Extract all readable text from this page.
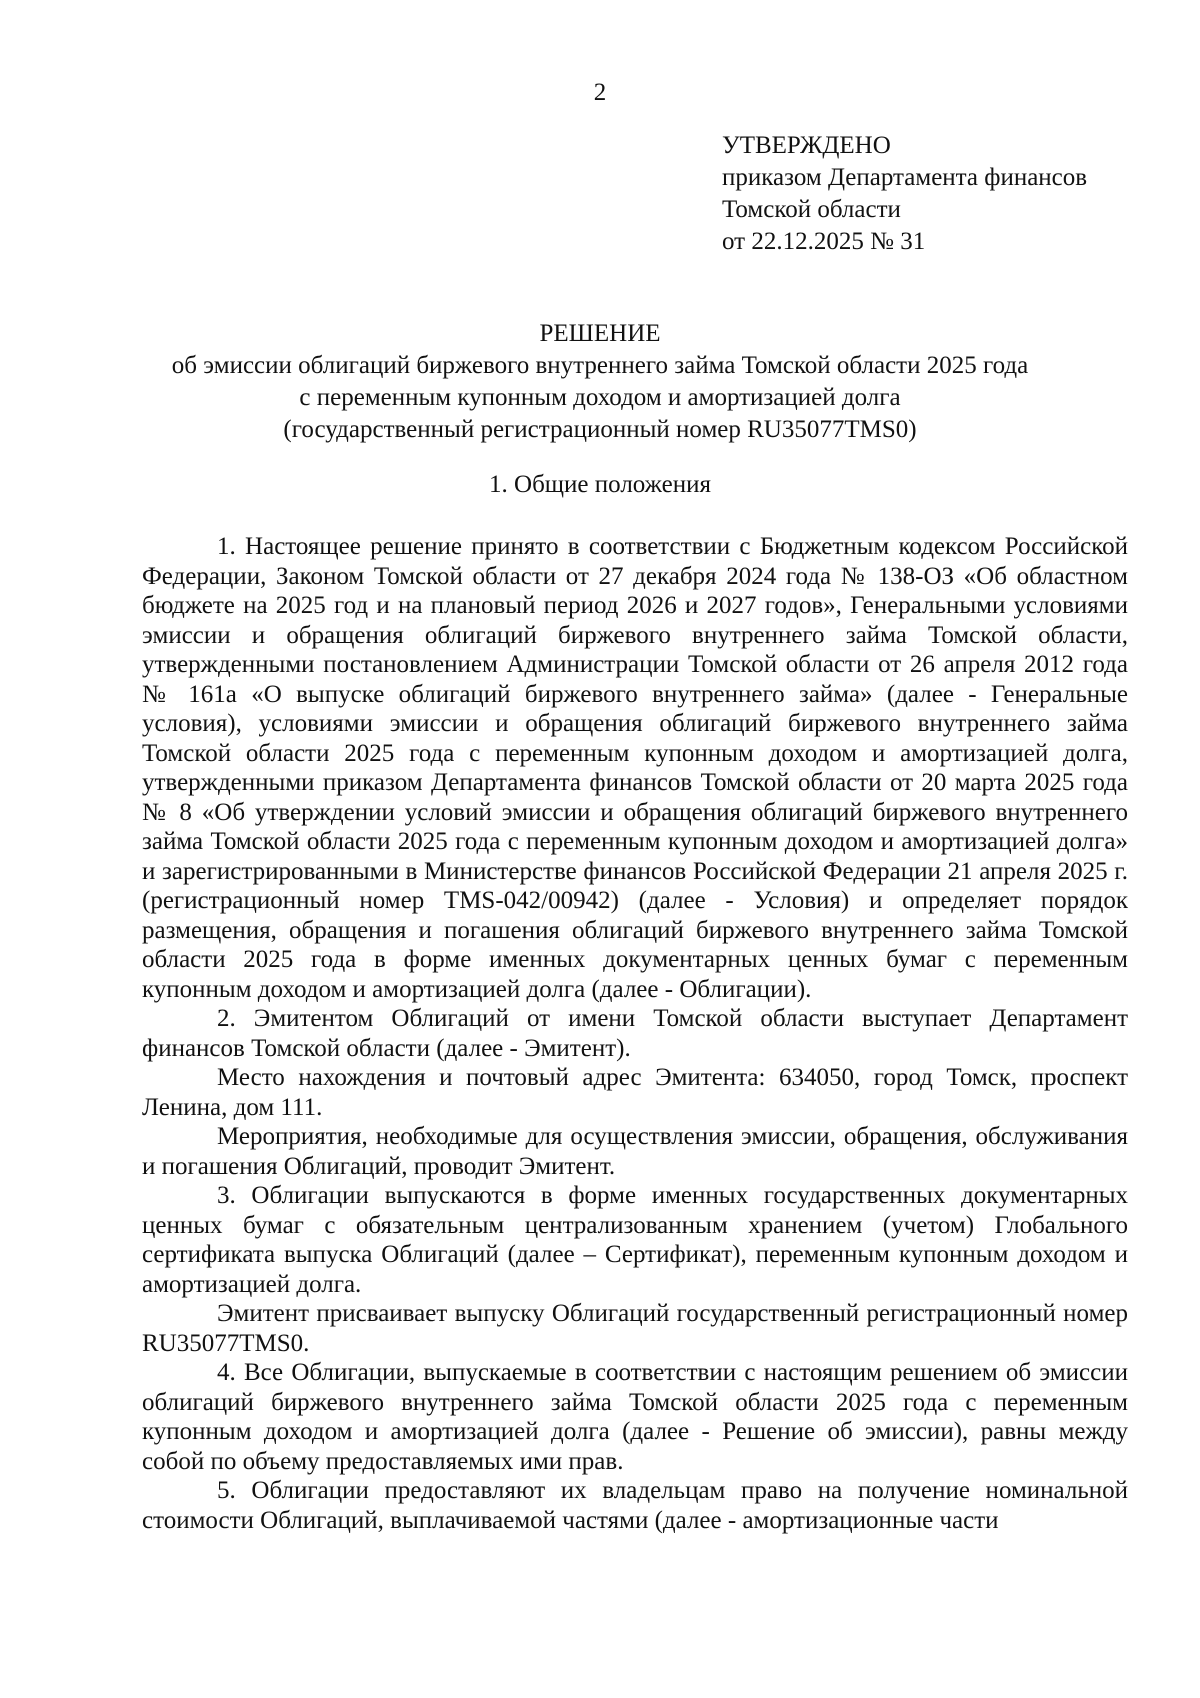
2
УТВЕРЖДЕНО
приказом Департамента финансов
Томской области
от 22.12.2025 № 31
РЕШЕНИЕ
об эмиссии облигаций биржевого внутреннего займа Томской области 2025 года
с переменным купонным доходом и амортизацией долга
(государственный регистрационный номер RU35077TMS0)
1. Общие положения

1. Настоящее решение принято в соответствии с Бюджетным кодексом Российской Федерации, Законом Томской области от 27 декабря 2024 года № 138-ОЗ «Об областном бюджете на 2025 год и на плановый период 2026 и 2027 годов», Генеральными условиями эмиссии и обращения облигаций биржевого внутреннего займа Томской области, утвержденными постановлением Администрации Томской области от 26 апреля 2012 года № 161а «О выпуске облигаций биржевого внутреннего займа» (далее - Генеральные условия), условиями эмиссии и обращения облигаций биржевого внутреннего займа Томской области 2025 года с переменным купонным доходом и амортизацией долга, утвержденными приказом Департамента финансов Томской области от 20 марта 2025 года № 8 «Об утверждении условий эмиссии и обращения облигаций биржевого внутреннего займа Томской области 2025 года с переменным купонным доходом и амортизацией долга» и зарегистрированными в Министерстве финансов Российской Федерации 21 апреля 2025 г. (регистрационный номер TMS-042/00942) (далее - Условия) и определяет порядок размещения, обращения и погашения облигаций биржевого внутреннего займа Томской области 2025 года в форме именных документарных ценных бумаг с переменным купонным доходом и амортизацией долга (далее - Облигации).

2. Эмитентом Облигаций от имени Томской области выступает Департамент финансов Томской области (далее - Эмитент).

Место нахождения и почтовый адрес Эмитента: 634050, город Томск, проспект Ленина, дом 111.

Мероприятия, необходимые для осуществления эмиссии, обращения, обслуживания и погашения Облигаций, проводит Эмитент.

3. Облигации выпускаются в форме именных государственных документарных ценных бумаг с обязательным централизованным хранением (учетом) Глобального сертификата выпуска Облигаций (далее – Сертификат), переменным купонным доходом и амортизацией долга.

Эмитент присваивает выпуску Облигаций государственный регистрационный номер RU35077TMS0.

4. Все Облигации, выпускаемые в соответствии с настоящим решением об эмиссии облигаций биржевого внутреннего займа Томской области 2025 года с переменным купонным доходом и амортизацией долга (далее - Решение об эмиссии), равны между собой по объему предоставляемых ими прав.

5. Облигации предоставляют их владельцам право на получение номинальной стоимости Облигаций, выплачиваемой частями (далее - амортизационные части
